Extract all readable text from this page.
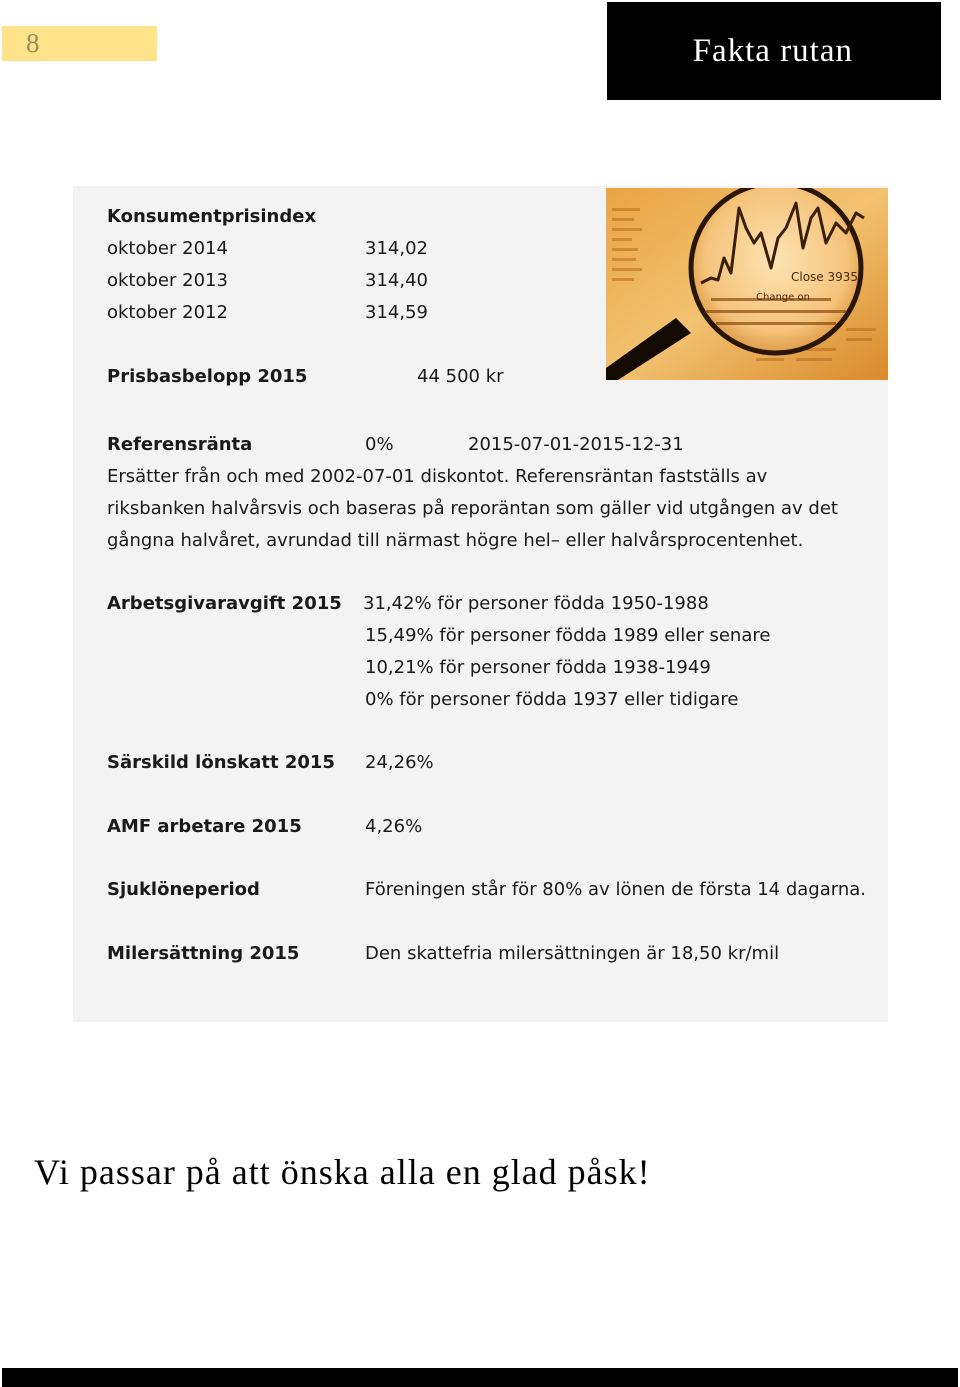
8	Fakta rutan
Close 3935
Change on
Konsumentprisindex
oktober 2014	314,02
oktober 2013	314,40
oktober 2012	314,59
Prisbasbelopp 2015	44 500 kr
Referensränta	0%	2015-07-01-2015-12-31
Ersätter från och med 2002-07-01 diskontot. Referensräntan fastställs av riksbanken halvårsvis och baseras på reporäntan som gäller vid utgången av det gångna halvåret, avrundad till närmast högre hel– eller halvårsprocentenhet.
Arbetsgivaravgift 2015 31,42% för personer födda 1950-1988
15,49% för personer födda 1989 eller senare
10,21% för personer födda 1938-1949
0% för personer födda 1937 eller tidigare
Särskild lönskatt 2015 24,26%
AMF arbetare 2015	4,26%
Sjuklöneperiod	Föreningen står för 80% av lönen de första 14 dagarna.
Milersättning 2015	Den skattefria milersättningen är 18,50 kr/mil
Vi passar på att önska alla en glad påsk!
